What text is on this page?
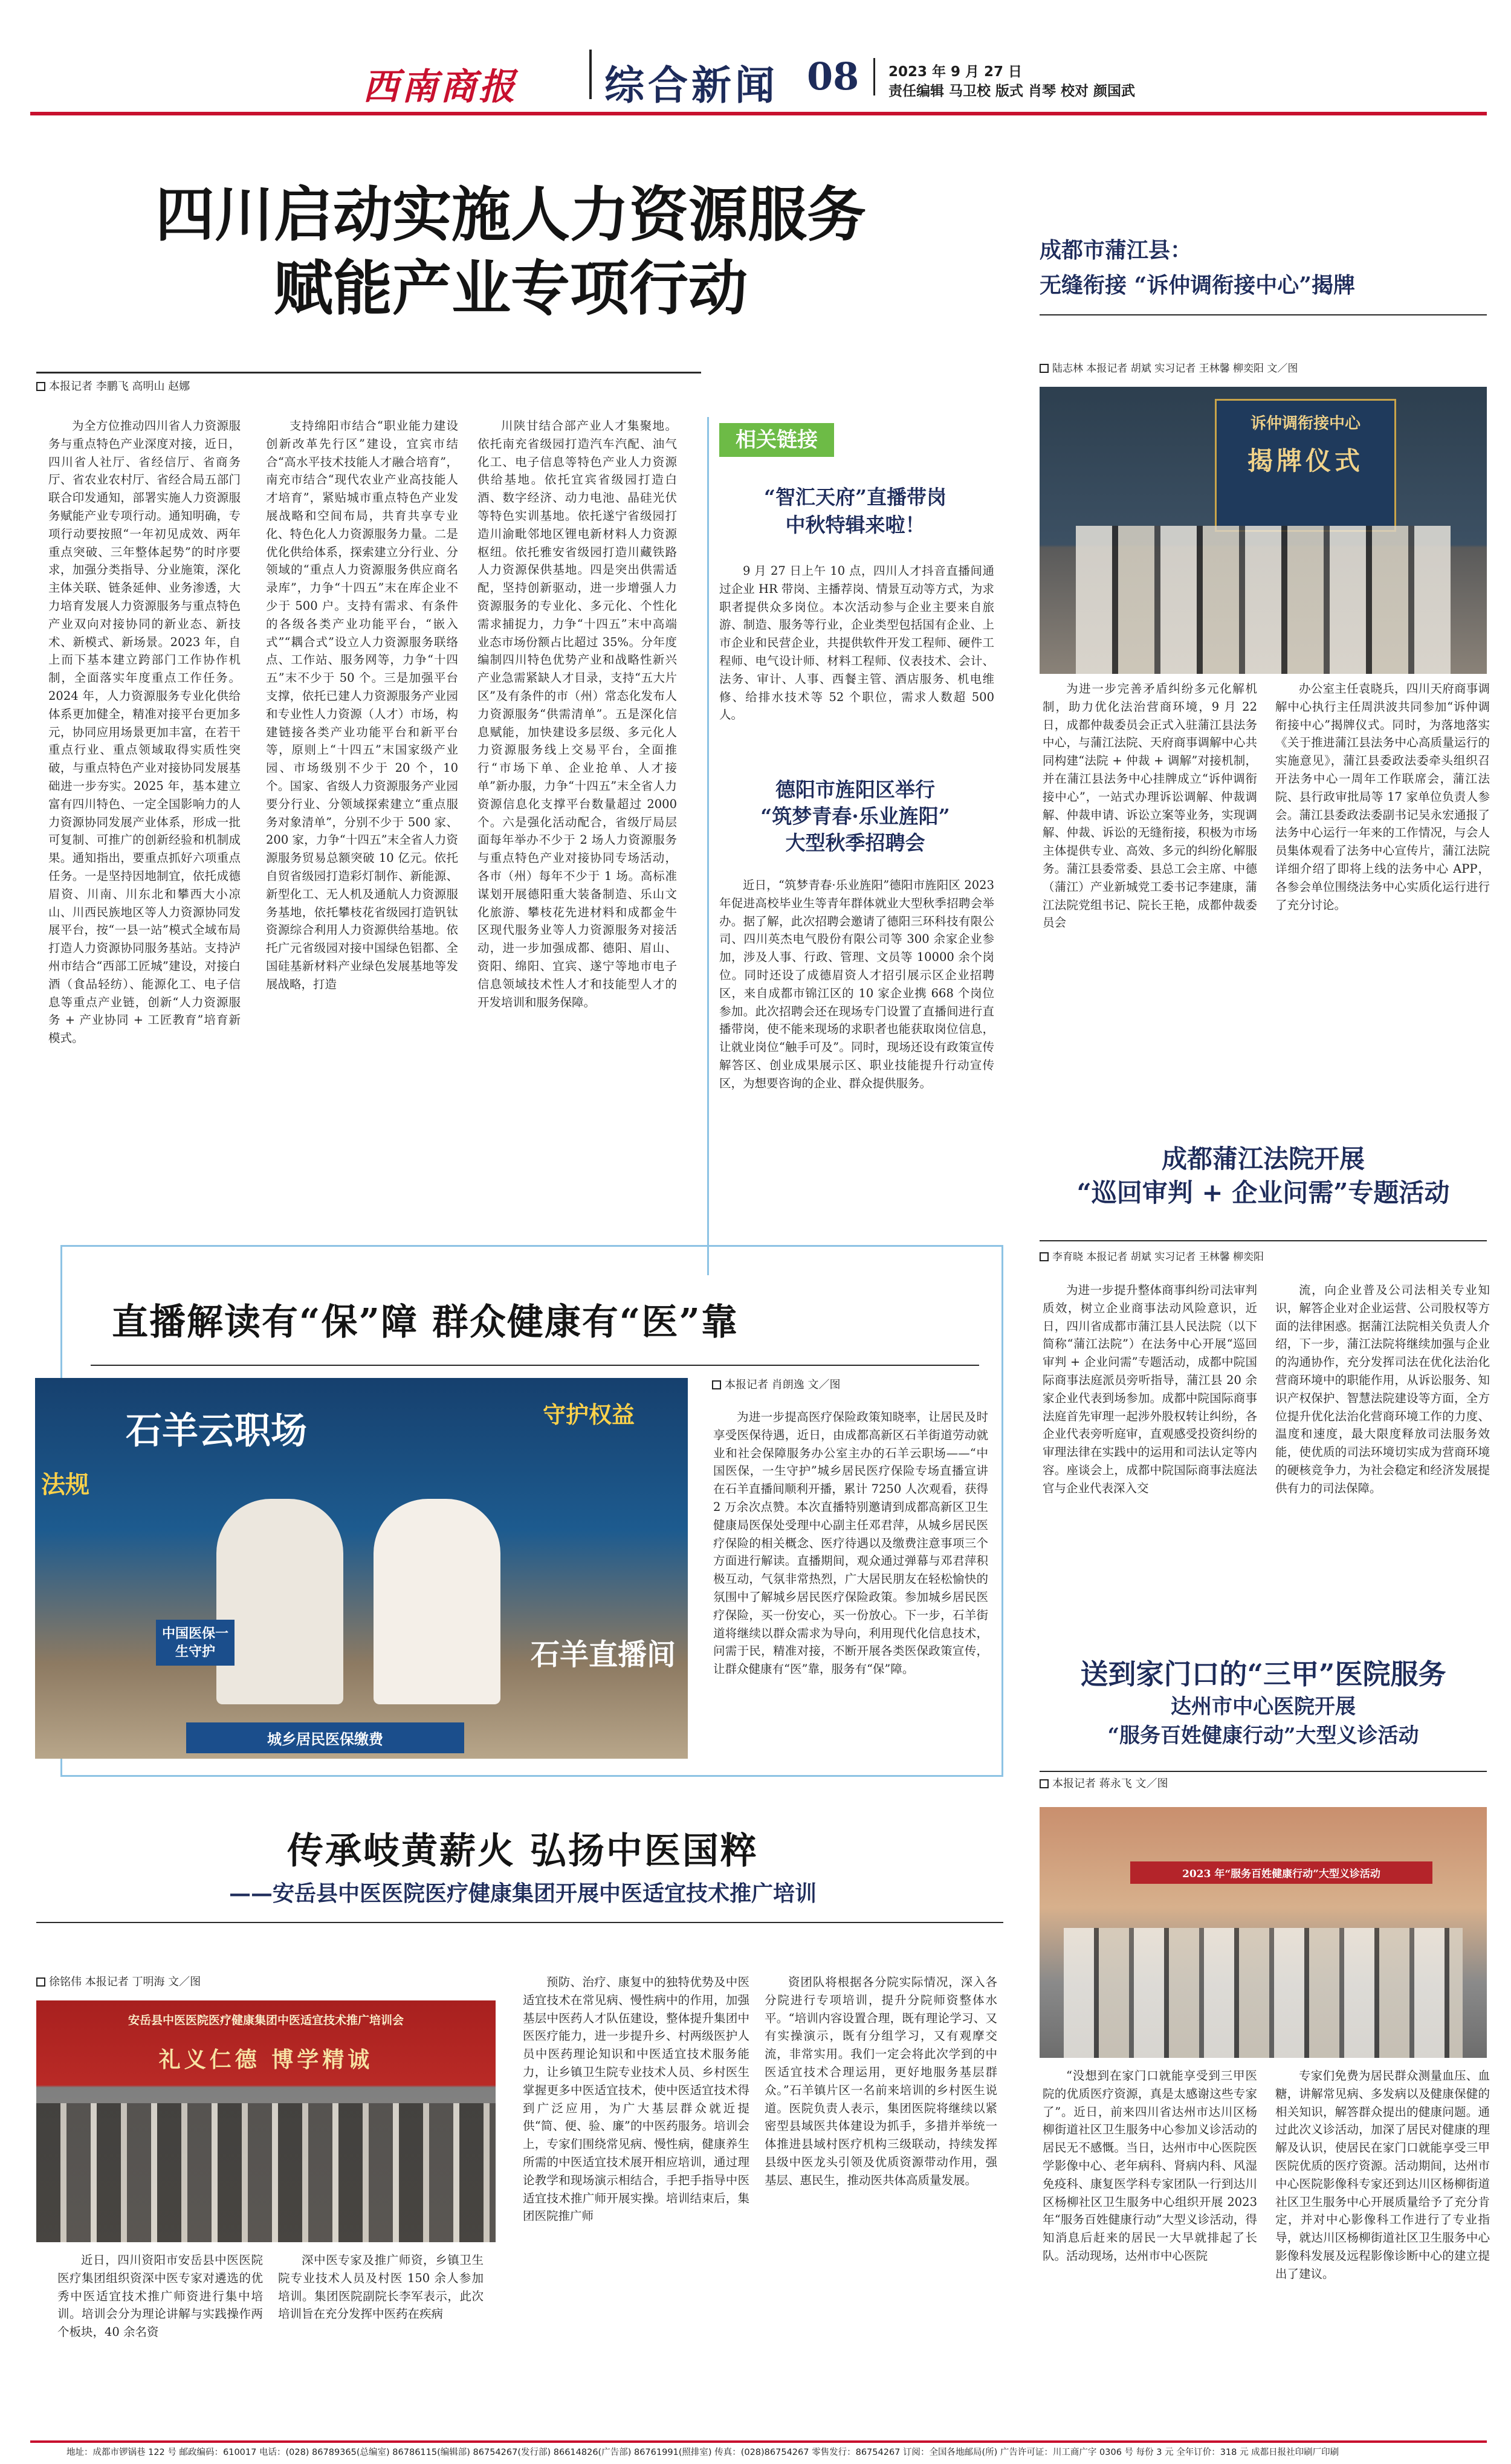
西南商报	综合新闻 08 2023 年 9 月 27 日
责任编辑 马卫校 版式 肖琴 校对 颜国武
四川启动实施人力资源服务
赋能产业专项行动
本报记者 李鹏飞 高明山 赵娜
为全方位推动四川省人力资源服务与重点特色产业深度对接，近日，四川省人社厅、省经信厅、省商务厅、省农业农村厅、省经合局五部门联合印发通知，部署实施人力资源服务赋能产业专项行动。通知明确，专项行动要按照“一年初见成效、两年重点突破、三年整体起势”的时序要求，加强分类指导、分业施策，深化主体关联、链条延伸、业务渗透，大力培育发展人力资源服务与重点特色产业双向对接协同的新业态、新技术、新模式、新场景。2023 年，自上而下基本建立跨部门工作协作机制，全面落实年度重点工作任务。2024 年，人力资源服务专业化供给体系更加健全，精准对接平台更加多元，协同应用场景更加丰富，在若干重点行业、重点领域取得实质性突破，与重点特色产业对接协同发展基础进一步夯实。2025 年，基本建立富有四川特色、一定全国影响力的人力资源协同发展产业体系，形成一批可复制、可推广的创新经验和机制成果。通知指出，要重点抓好六项重点任务。一是坚持因地制宜，依托成德眉资、川南、川东北和攀西大小凉山、川西民族地区等人力资源协同发展平台，按“一县一站”模式全域布局打造人力资源协同服务基站。支持泸州市结合“西部工匠城”建设，对接白酒（食品轻纺）、能源化工、电子信息等重点产业链，创新“人力资源服务 + 产业协同 + 工匠教育”培育新模式。
支持绵阳市结合“职业能力建设创新改革先行区”建设，宜宾市结合“高水平技术技能人才融合培育”，南充市结合“现代农业产业高技能人才培育”，紧贴城市重点特色产业发展战略和空间布局，共育共享专业化、特色化人力资源服务力量。二是优化供给体系，探索建立分行业、分领域的“重点人力资源服务供应商名录库”，力争“十四五”末在库企业不少于 500 户。支持有需求、有条件的各级各类产业功能平台，“嵌入式”“耦合式”设立人力资源服务联络点、工作站、服务网等，力争“十四五”末不少于 50 个。三是加强平台支撑，依托已建人力资源服务产业园和专业性人力资源（人才）市场，构建链接各类产业功能平台和新平台等，原则上“十四五”末国家级产业园、市场级别不少于 20 个，10 个。国家、省级人力资源服务产业园要分行业、分领域探索建立“重点服务对象清单”，分别不少于 500 家、200 家，力争“十四五”末全省人力资源服务贸易总额突破 10 亿元。依托自贸省级园打造彩灯制作、新能源、新型化工、无人机及通航人力资源服务基地，依托攀枝花省级园打造钒钛资源综合利用人力资源供给基地。依托广元省级园对接中国绿色铝都、全国硅基新材料产业绿色发展基地等发展战略，打造
川陕甘结合部产业人才集聚地。依托南充省级园打造汽车汽配、油气化工、电子信息等特色产业人力资源供给基地。依托宜宾省级园打造白酒、数字经济、动力电池、晶硅光伏等特色实训基地。依托遂宁省级园打造川渝毗邻地区锂电新材料人力资源枢纽。依托雅安省级园打造川藏铁路人力资源保供基地。四是突出供需适配，坚持创新驱动，进一步增强人力资源服务的专业化、多元化、个性化需求捕捉力，力争“十四五”末中高端业态市场份额占比超过 35%。分年度编制四川特色优势产业和战略性新兴产业急需紧缺人才目录，支持“五大片区”及有条件的市（州）常态化发布人力资源服务“供需清单”。五是深化信息赋能，加快建设多层级、多元化人力资源服务线上交易平台，全面推行“市场下单、企业抢单、人才接单”新办服，力争“十四五”末全省人力资源信息化支撑平台数量超过 2000 个。六是强化活动配合，省级厅局层面每年举办不少于 2 场人力资源服务与重点特色产业对接协同专场活动，各市（州）每年不少于 1 场。高标准谋划开展德阳重大装备制造、乐山文化旅游、攀枝花先进材料和成都金牛区现代服务业等人力资源服务对接活动，进一步加强成都、德阳、眉山、资阳、绵阳、宜宾、遂宁等地市电子信息领域技术性人才和技能型人才的开发培训和服务保障。
相关链接
“智汇天府”直播带岗
中秋特辑来啦！
9 月 27 日上午 10 点，四川人才抖音直播间通过企业 HR 带岗、主播荐岗、情景互动等方式，为求职者提供众多岗位。本次活动参与企业主要来自旅游、制造、服务等行业，企业类型包括国有企业、上市企业和民营企业，共提供软件开发工程师、硬件工程师、电气设计师、材料工程师、仪表技术、会计、法务、审计、人事、西餐主管、酒店服务、机电维修、给排水技术等 52 个职位，需求人数超 500 人。
德阳市旌阳区举行
“筑梦青春·乐业旌阳”
大型秋季招聘会
近日，“筑梦青春·乐业旌阳”德阳市旌阳区 2023 年促进高校毕业生等青年群体就业大型秋季招聘会举办。据了解，此次招聘会邀请了德阳三环科技有限公司、四川英杰电气股份有限公司等 300 余家企业参加，涉及人事、行政、管理、文员等 10000 余个岗位。同时还设了成德眉资人才招引展示区企业招聘区，来自成都市锦江区的 10 家企业携 668 个岗位参加。此次招聘会还在现场专门设置了直播间进行直播带岗，使不能来现场的求职者也能获取岗位信息，让就业岗位“触手可及”。同时，现场还设有政策宣传解答区、创业成果展示区、职业技能提升行动宣传区，为想要咨询的企业、群众提供服务。
成都市蒲江县：
无缝衔接 “诉仲调衔接中心”揭牌
陆志林 本报记者 胡斌 实习记者 王林馨 柳奕阳 文／图
诉仲调衔接中心
揭牌仪式
为进一步完善矛盾纠纷多元化解机制，助力优化法治营商环境，9 月 22 日，成都仲裁委员会正式入驻蒲江县法务中心，与蒲江法院、天府商事调解中心共同构建“法院 + 仲裁 + 调解”对接机制，并在蒲江县法务中心挂牌成立“诉仲调衔接中心”，一站式办理诉讼调解、仲裁调解、仲裁申请、诉讼立案等业务，实现调解、仲裁、诉讼的无缝衔接，积极为市场主体提供专业、高效、多元的纠纷化解服务。蒲江县委常委、县总工会主席、中德（蒲江）产业新城党工委书记李建康，蒲江法院党组书记、院长王艳，成都仲裁委员会
办公室主任袁晓兵，四川天府商事调解中心执行主任周洪波共同参加“诉仲调衔接中心”揭牌仪式。同时，为落地落实《关于推进蒲江县法务中心高质量运行的实施意见》，蒲江县委政法委牵头组织召开法务中心一周年工作联席会，蒲江法院、县行政审批局等 17 家单位负责人参会。蒲江县委政法委副书记吴永宏通报了法务中心运行一年来的工作情况，与会人员集体观看了法务中心宣传片，蒲江法院详细介绍了即将上线的法务中心 APP，各参会单位围绕法务中心实质化运行进行了充分讨论。
成都蒲江法院开展
“巡回审判 + 企业问需”专题活动
李育晓 本报记者 胡斌 实习记者 王林馨 柳奕阳
为进一步提升整体商事纠纷司法审判质效，树立企业商事法动风险意识，近日，四川省成都市蒲江县人民法院（以下简称“蒲江法院”）在法务中心开展“巡回审判 + 企业问需”专题活动，成都中院国际商事法庭派员旁听指导，蒲江县 20 余家企业代表到场参加。成都中院国际商事法庭首先审理一起涉外股权转让纠纷，各企业代表旁听庭审，直观感受投资纠纷的审理法律在实践中的运用和司法认定等内容。座谈会上，成都中院国际商事法庭法官与企业代表深入交
流，向企业普及公司法相关专业知识，解答企业对企业运营、公司股权等方面的法律困惑。据蒲江法院相关负责人介绍，下一步，蒲江法院将继续加强与企业的沟通协作，充分发挥司法在优化法治化营商环境中的职能作用，从诉讼服务、知识产权保护、智慧法院建设等方面，全方位提升优化法治化营商环境工作的力度、温度和速度，最大限度释放司法服务效能，使优质的司法环境切实成为营商环境的硬核竞争力，为社会稳定和经济发展提供有力的司法保障。
直播解读有“保”障 群众健康有“医”靠
石羊云职场	守护权益
法规
中国医保一生守护	石羊直播间
城乡居民医保缴费
本报记者 肖朗逸 文／图
为进一步提高医疗保险政策知晓率，让居民及时享受医保待遇，近日，由成都高新区石羊街道劳动就业和社会保障服务办公室主办的石羊云职场——“中国医保，一生守护”城乡居民医疗保险专场直播宣讲在石羊直播间顺利开播，累计 7250 人次观看，获得 2 万余次点赞。本次直播特别邀请到成都高新区卫生健康局医保处受理中心副主任邓君萍，从城乡居民医疗保险的相关概念、医疗待遇以及缴费注意事项三个方面进行解读。直播期间，观众通过弹幕与邓君萍积极互动，气氛非常热烈，广大居民朋友在轻松愉快的氛围中了解城乡居民医疗保险政策。参加城乡居民医疗保险，买一份安心，买一份放心。下一步，石羊街道将继续以群众需求为导向，利用现代化信息技术，问需于民，精准对接，不断开展各类医保政策宣传，让群众健康有“医”靠，服务有“保”障。	送到家门口的“三甲”医院服务
达州市中心医院开展
“服务百姓健康行动”大型义诊活动
本报记者 蒋永飞 文／图
2023 年“服务百姓健康行动”大型义诊活动
“没想到在家门口就能享受到三甲医院的优质医疗资源，真是太感谢这些专家了”。近日，前来四川省达州市达川区杨柳街道社区卫生服务中心参加义诊活动的居民无不感慨。当日，达州市中心医院医学影像中心、老年病科、肾病内科、风湿免疫科、康复医学科专家团队一行到达川区杨柳社区卫生服务中心组织开展 2023 年“服务百姓健康行动”大型义诊活动，得知消息后赶来的居民一大早就排起了长队。活动现场，达州市中心医院
专家们免费为居民群众测量血压、血糖，讲解常见病、多发病以及健康保健的相关知识，解答群众提出的健康问题。通过此次义诊活动，加深了居民对健康的理解及认识，使居民在家门口就能享受三甲医院优质的医疗资源。活动期间，达州市中心医院影像科专家还到达川区杨柳街道社区卫生服务中心开展质量给予了充分肯定，并对中心影像科工作进行了专业指导，就达川区杨柳街道社区卫生服务中心影像科发展及远程影像诊断中心的建立提出了建议。
传承岐黄薪火 弘扬中医国粹
——安岳县中医医院医疗健康集团开展中医适宜技术推广培训
徐铭伟 本报记者 丁明海 文／图
安岳县中医医院医疗健康集团中医适宜技术推广培训会
礼义仁德 博学精诚
近日，四川资阳市安岳县中医医院医疗集团组织资深中医专家对遴选的优秀中医适宜技术推广师资进行集中培训。培训会分为理论讲解与实践操作两个板块，40 余名资
深中医专家及推广师资，乡镇卫生院专业技术人员及村医 150 余人参加培训。集团医院副院长李军表示，此次培训旨在充分发挥中医药在疾病
预防、治疗、康复中的独特优势及中医适宜技术在常见病、慢性病中的作用，加强基层中医药人才队伍建设，整体提升集团中医医疗能力，进一步提升乡、村两级医护人员中医药理论知识和中医适宜技术服务能力，让乡镇卫生院专业技术人员、乡村医生掌握更多中医适宜技术，使中医适宜技术得到广泛应用，为广大基层群众就近提供“简、便、验、廉”的中医药服务。培训会上，专家们围绕常见病、慢性病，健康养生所需的中医适宜技术展开相应培训，通过理论教学和现场演示相结合，手把手指导中医适宜技术推广师开展实操。培训结束后，集团医院推广师
资团队将根据各分院实际情况，深入各分院进行专项培训，提升分院师资整体水平。“培训内容设置合理，既有理论学习、又有实操演示，既有分组学习，又有观摩交流，非常实用。我们一定会将此次学到的中医适宜技术合理运用，更好地服务基层群众。”石羊镇片区一名前来培训的乡村医生说道。医院负责人表示，集团医院将继续以紧密型县域医共体建设为抓手，多措并举统一体推进县域村医疗机构三级联动，持续发挥县级中医龙头引领及优质资源带动作用，强基层、惠民生，推动医共体高质量发展。
地址：成都市锣锅巷 122 号 邮政编码：610017 电话：(028) 86789365(总编室) 86786115(编辑部) 86754267(发行部) 86614826(广告部) 86761991(照排室) 传真：(028)86754267 零售发行：86754267 订阅：全国各地邮局(所) 广告许可证：川工商广字 0306 号 每份 3 元 全年订价：318 元 成都日报社印刷厂印刷
